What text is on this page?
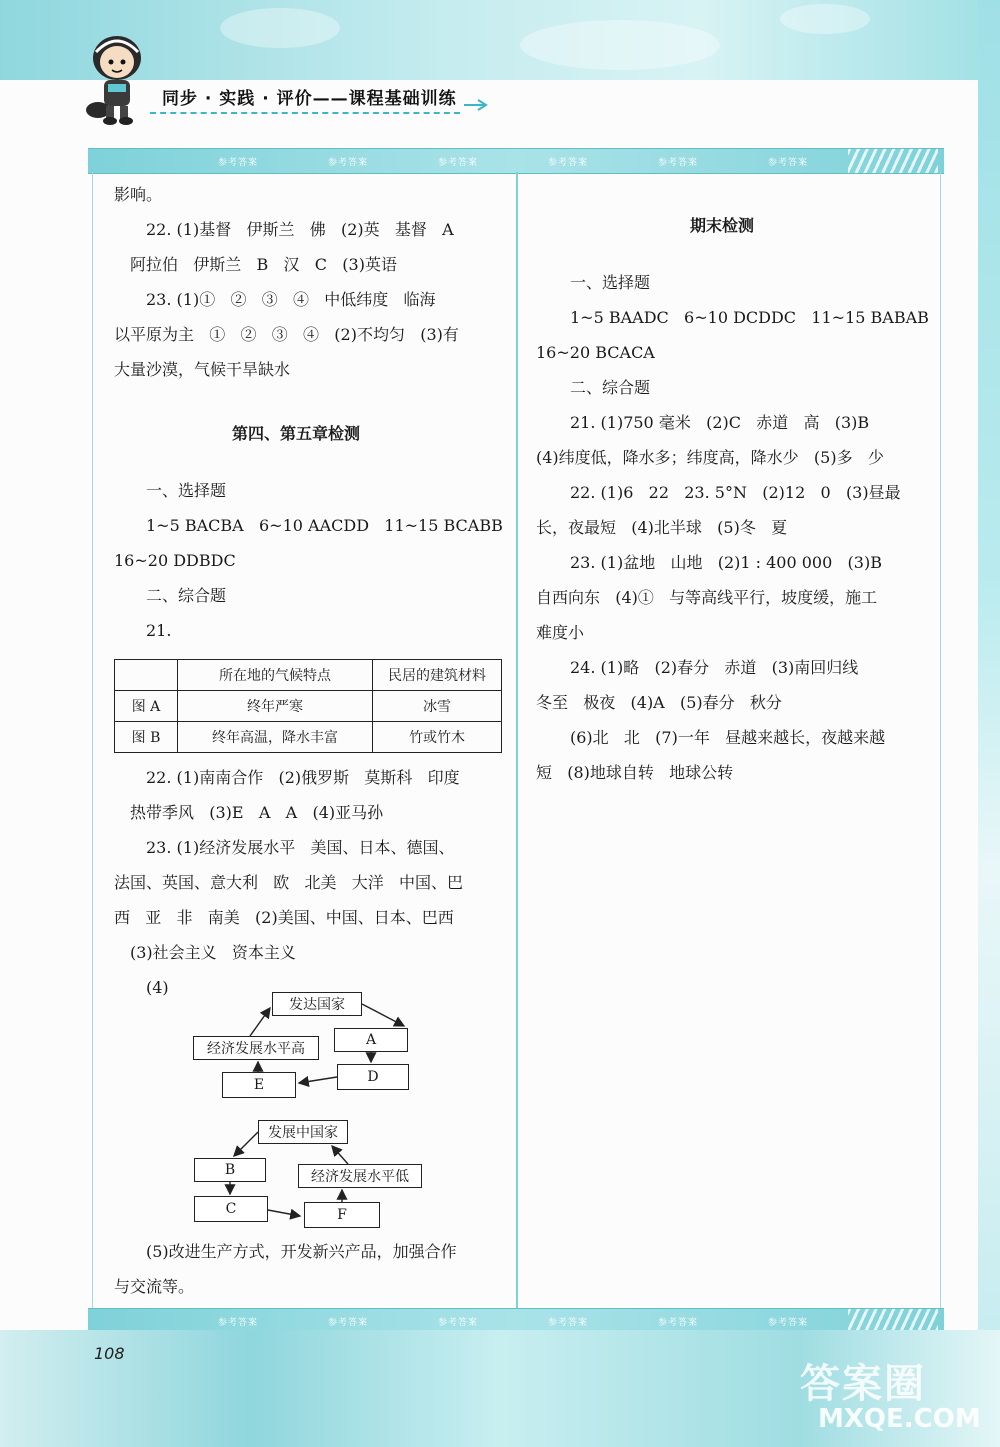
同步 · 实践 · 评价——课程基础训练
参考答案	参考答案	参考答案	参考答案	参考答案	参考答案
影响。
22. (1)基督   伊斯兰   佛   (2)英   基督   A
阿拉伯   伊斯兰   B   汉   C   (3)英语
23. (1)①   ②   ③   ④   中低纬度   临海
以平原为主   ①   ②   ③   ④   (2)不均匀   (3)有
大量沙漠，气候干旱缺水
第四、第五章检测
一、选择题
1~5 BACBA   6~10 AACDD   11~15 BCABB
16~20 DDBDC
二、综合题
21.
	所在地的气候特点	民居的建筑材料
图 A	终年严寒	冰雪
图 B	终年高温，降水丰富	竹或竹木
22. (1)南南合作   (2)俄罗斯   莫斯科   印度
热带季风   (3)E   A   A   (4)亚马孙
23. (1)经济发展水平   美国、日本、德国、
法国、英国、意大利   欧   北美   大洋   中国、巴
西   亚   非   南美   (2)美国、中国、日本、巴西
(3)社会主义   资本主义
(4)
发达国家
A
经济发展水平高
D
E
发展中国家
B	经济发展水平低
C	F
(5)改进生产方式，开发新兴产品，加强合作
与交流等。
期末检测
一、选择题
1~5 BAADC   6~10 DCDDC   11~15 BABAB
16~20 BCACA
二、综合题
21. (1)750 毫米   (2)C   赤道   高   (3)B
(4)纬度低，降水多；纬度高，降水少   (5)多   少
22. (1)6   22   23. 5°N   (2)12   0   (3)昼最
长，夜最短   (4)北半球   (5)冬   夏
23. (1)盆地   山地   (2)1 : 400 000   (3)B
自西向东   (4)①   与等高线平行，坡度缓，施工
难度小
24. (1)略   (2)春分   赤道   (3)南回归线
冬至   极夜   (4)A   (5)春分   秋分
(6)北   北   (7)一年   昼越来越长，夜越来越
短   (8)地球自转   地球公转
参考答案	参考答案	参考答案	参考答案	参考答案	参考答案
108
答案圈
MXQE.COM
